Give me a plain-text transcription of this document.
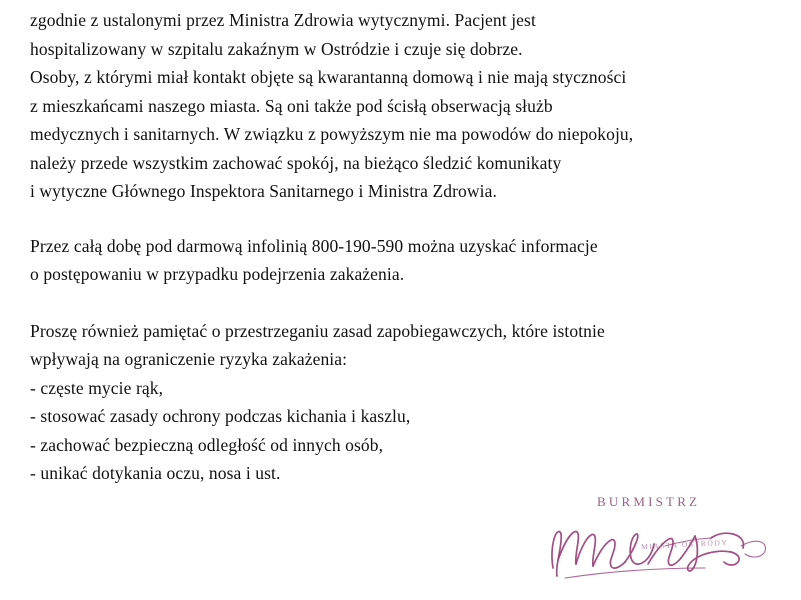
zgodnie z ustalonymi przez Ministra Zdrowia wytycznymi. Pacjent jest

hospitalizowany w szpitalu zakaźnym w Ostródzie i czuje się dobrze.

Osoby, z którymi miał kontakt objęte są kwarantanną domową i nie mają styczności

z mieszkańcami naszego miasta. Są oni także pod ścisłą obserwacją służb

medycznych i sanitarnych. W związku z powyższym nie ma powodów do niepokoju,

należy przede wszystkim zachować spokój, na bieżąco śledzić komunikaty

i wytyczne Głównego Inspektora Sanitarnego i Ministra Zdrowia.

Przez całą dobę pod darmową infolinią 800-190-590 można uzyskać informacje

o postępowaniu w przypadku podejrzenia zakażenia.

Proszę również pamiętać o przestrzeganiu zasad zapobiegawczych, które istotnie

wpływają na ograniczenie ryzyka zakażenia:

- częste mycie rąk,

- stosować zasady ochrony podczas kichania i kaszlu,

- zachować bezpieczną odległość od innych osób,

- unikać dotykania oczu, nosa i ust.

BURMISTRZ
MIASTA OSTRÓDY
